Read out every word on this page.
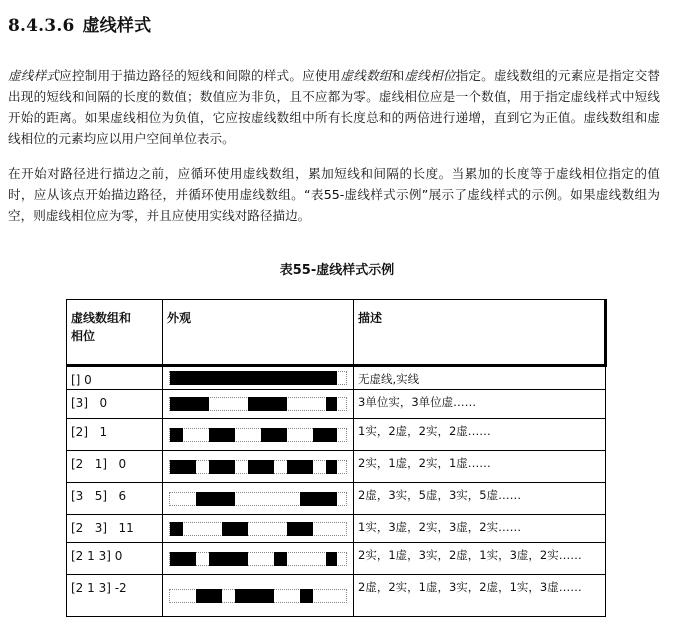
8.4.3.6 虚线样式
虚线样式应控制用于描边路径的短线和间隙的样式。应使用虚线数组和虚线相位指定。虚线数组的元素应是指定交替出现的短线和间隔的长度的数值；数值应为非负，且不应都为零。虚线相位应是一个数值，用于指定虚线样式中短线开始的距离。如果虚线相位为负值，它应按虚线数组中所有长度总和的两倍进行递增，直到它为正值。虚线数组和虚线相位的元素均应以用户空间单位表示。
在开始对路径进行描边之前，应循环使用虚线数组，累加短线和间隔的长度。当累加的长度等于虚线相位指定的值时，应从该点开始描边路径，并循环使用虚线数组。“表55-虚线样式示例”展示了虚线样式的示例。如果虚线数组为空，则虚线相位应为零，并且应使用实线对路径描边。
表55-虚线样式示例
虚线数组和
相位	外观	描述
[] 0		无虚线,实线
[3]   0		3单位实，3单位虚……
[2]   1		1实，2虚，2实，2虚……
[2   1]   0		2实，1虚，2实，1虚……
[3   5]   6		2虚，3实，5虚，3实，5虚……
[2   3]   11		1实，3虚，2实，3虚，2实……
[2 1 3] 0		2实，1虚，3实，2虚，1实，3虚，2实……
[2 1 3] -2		2虚，2实，1虚，3实，2虚，1实，3虚……
